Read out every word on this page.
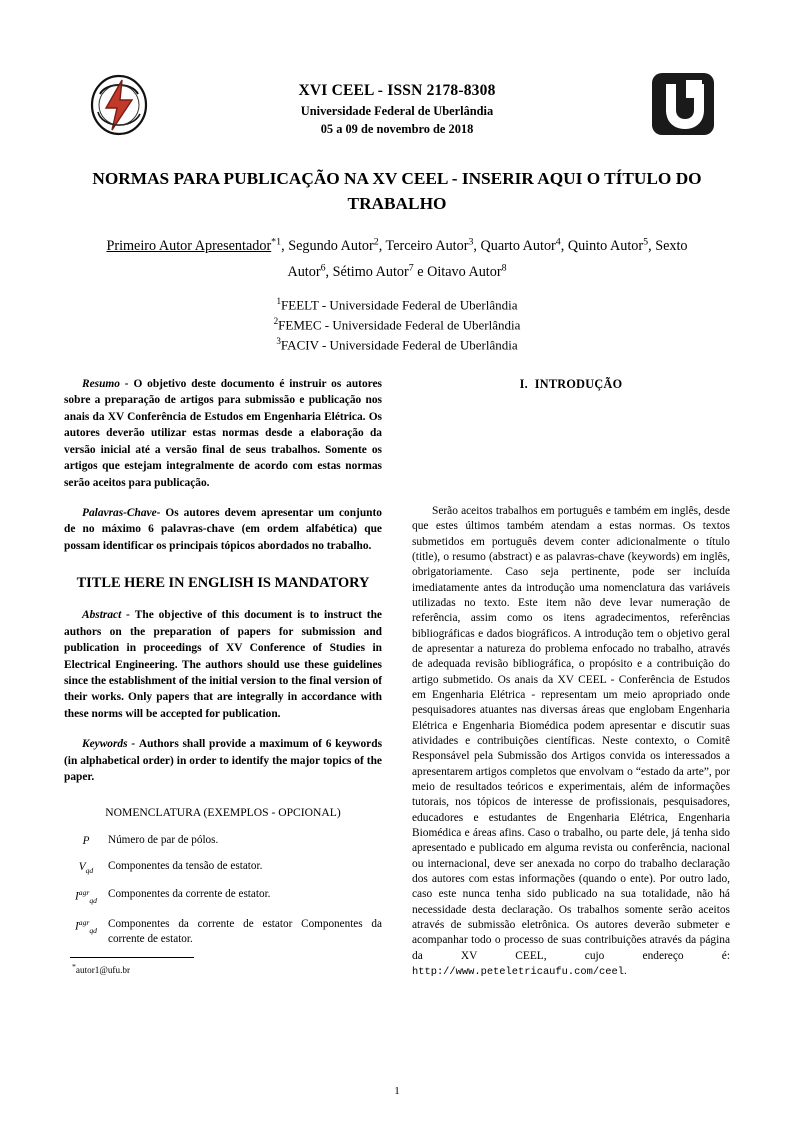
XVI CEEL - ISSN 2178-8308
Universidade Federal de Uberlândia
05 a 09 de novembro de 2018
NORMAS PARA PUBLICAÇÃO NA XV CEEL - INSERIR AQUI O TÍTULO DO TRABALHO
Primeiro Autor Apresentador$^{*1}$, Segundo Autor$^2$, Terceiro Autor$^3$, Quarto Autor$^4$, Quinto Autor$^5$, Sexto
Autor$^6$, Sétimo Autor$^7$ e Oitavo Autor$^8$
$^1$FEELT - Universidade Federal de Uberlândia
$^2$FEMEC - Universidade Federal de Uberlândia
$^3$FACIV - Universidade Federal de Uberlândia

Resumo - O objetivo deste documento é instruir os autores sobre a preparação de artigos para submissão e publicação nos anais da XV Conferência de Estudos em Engenharia Elétrica. Os autores deverão utilizar estas normas desde a elaboração da versão inicial até a versão final de seus trabalhos. Somente os artigos que estejam integralmente de acordo com estas normas serão aceitos para publicação.

Palavras-Chave- Os autores devem apresentar um conjunto de no máximo 6 palavras-chave (em ordem alfabética) que possam identificar os principais tópicos abordados no trabalho.

TITLE HERE IN ENGLISH IS MANDATORY

Abstract - The objective of this document is to instruct the authors on the preparation of papers for submission and publication in proceedings of XV Conference of Studies in Electrical Engineering. The authors should use these guidelines since the establishment of the initial version to the final version of their works. Only papers that are integrally in accordance with these norms will be accepted for publication.

Keywords - Authors shall provide a maximum of 6 keywords (in alphabetical order) in order to identify the major topics of the paper.

NOMENCLATURA (EXEMPLOS - OPCIONAL)
P	Número de par de pólos.
$V_{qd}$	Componentes da tensão de estator.
$I^{agr}_{qd}$
Componentes da corrente de estator.
$I^{agr}_{qd}$
Componentes da corrente de estator Componentes da corrente de estator.
*autor1@ufu.br
I. INTRODUÇÃO

Serão aceitos trabalhos em português e também em inglês, desde que estes últimos também atendam a estas normas. Os textos submetidos em português devem conter adicionalmente o título (title), o resumo (abstract) e as palavras-chave (keywords) em inglês, obrigatoriamente. Caso seja pertinente, pode ser incluída imediatamente antes da introdução uma nomenclatura das variáveis utilizadas no texto. Este item não deve levar numeração de referência, assim como os itens agradecimentos, referências bibliográficas e dados biográficos. A introdução tem o objetivo geral de apresentar a natureza do problema enfocado no trabalho, através de adequada revisão bibliográfica, o propósito e a contribuição do artigo submetido. Os anais da XV CEEL - Conferência de Estudos em Engenharia Elétrica - representam um meio apropriado onde pesquisadores atuantes nas diversas áreas que englobam Engenharia Elétrica e Engenharia Biomédica podem apresentar e discutir suas atividades e contribuições científicas. Neste contexto, o Comitê Responsável pela Submissão dos Artigos convida os interessados a apresentarem artigos completos que envolvam o “estado da arte”, por meio de resultados teóricos e experimentais, além de informações tutorais, nos tópicos de interesse de profissionais, pesquisadores, educadores e estudantes de Engenharia Elétrica, Engenharia Biomédica e áreas afins. Caso o trabalho, ou parte dele, já tenha sido apresentado e publicado em alguma revista ou conferência, nacional ou internacional, deve ser anexada no corpo do trabalho declaração dos autores com estas informações (quando o ente). Por outro lado, caso este nunca tenha sido publicado na sua totalidade, não há necessidade desta declaração. Os trabalhos somente serão aceitos através de submissão eletrônica. Os autores deverão submeter e acompanhar todo o processo de suas contribuições através da página da XV CEEL, cujo endereço é: http://www.peteletricaufu.com/ceel.

1
